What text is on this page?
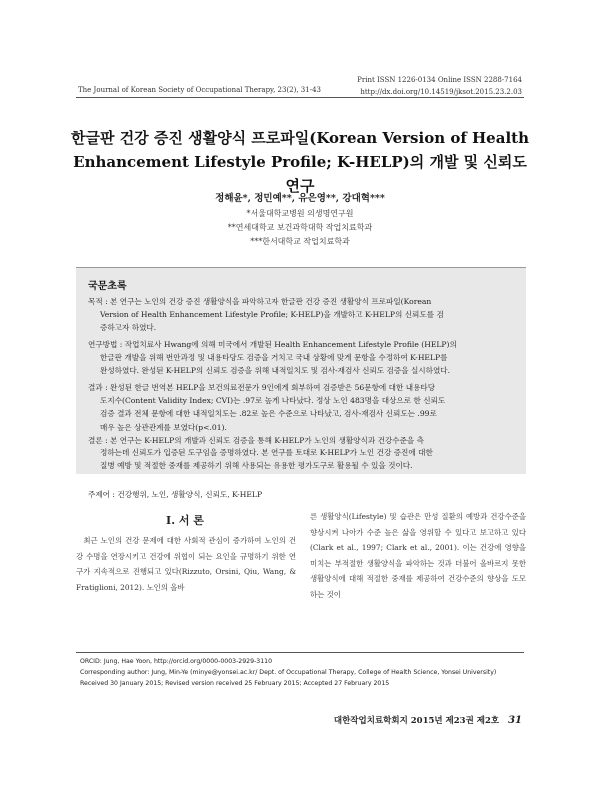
The Journal of Korean Society of Occupational Therapy, 23(2), 31-43
Print ISSN 1226-0134 Online ISSN 2288-7164
http://dx.doi.org/10.14519/jksot.2015.23.2.03
한글판 건강 증진 생활양식 프로파일(Korean Version of Health
Enhancement Lifestyle Profile; K-HELP)의 개발 및 신뢰도 연구
정해윤*, 정민예**, 유은영**, 강대혁***
*서울대학교병원 의생명연구원
**연세대학교 보건과학대학 작업치료학과
***한서대학교 작업치료학과
국문초록
목적 : 본 연구는 노인의 건강 증진 생활양식을 파악하고자 한글판 건강 증진 생활양식 프로파일(Korean
Version of Health Enhancement Lifestyle Profile; K-HELP)을 개발하고 K-HELP의 신뢰도를 검
증하고자 하였다.
연구방법 : 작업치료사 Hwang에 의해 미국에서 개발된 Health Enhancement Lifestyle Profile (HELP)의
한글판 개발을 위해 번안과정 및 내용타당도 검증을 거치고 국내 상황에 맞게 문항을 수정하여 K-HELP를
완성하였다. 완성된 K-HELP의 신뢰도 검증을 위해 내적일치도 및 검사-재검사 신뢰도 검증을 실시하였다.
결과 : 완성된 한글 번역본 HELP을 보건의료전문가 9인에게 회부하여 검증받은 56문항에 대한 내용타당
도지수(Content Validity Index; CVI)는 .97로 높게 나타났다. 정상 노인 483명을 대상으로 한 신뢰도
검증 결과 전체 문항에 대한 내적일치도는 .82로 높은 수준으로 나타났고, 검사-재검사 신뢰도는 .99로
매우 높은 상관관계를 보였다(p<.01).
결론 : 본 연구는 K-HELP의 개발과 신뢰도 검증을 통해 K-HELP가 노인의 생활양식과 건강수준을 측
정하는데 신뢰도가 입증된 도구임을 증명하였다. 본 연구를 토대로 K-HELP가 노인 건강 증진에 대한
질병 예방 및 적절한 중재를 제공하기 위해 사용되는 유용한 평가도구로 활용될 수 있을 것이다.
주제어 : 건강행위, 노인, 생활양식, 신뢰도, K-HELP
Ⅰ. 서 론
최근 노인의 건강 문제에 대한 사회적 관심이 증가하여 노인의 건강 수명을 연장시키고 건강에 위협이 되는 요인을 규명하기 위한 연구가 지속적으로 진행되고 있다(Rizzuto, Orsini, Qiu, Wang, & Fratiglioni, 2012). 노인의 올바
른 생활양식(Lifestyle) 및 습관은 만성 질환의 예방과 건강수준을 향상시켜 나아가 수준 높은 삶을 영위할 수 있다고 보고하고 있다(Clark et al., 1997; Clark et al., 2001). 이는 건강에 영향을 미치는 부적절한 생활양식을 파악하는 것과 더불어 올바르지 못한 생활양식에 대해 적절한 중재를 제공하여 건강수준의 향상을 도모하는 것이
ORCID: Jung, Hae Yoon, http://orcid.org/0000-0003-2929-3110
Corresponding author: Jung, Min-Ye (minye@yonsei.ac.kr/ Dept. of Occupational Therapy, College of Health Science, Yonsei University)
Received 30 January 2015; Revised version received 25 February 2015; Accepted 27 February 2015
대한작업치료학회지 2015년 제23권 제2호 31
